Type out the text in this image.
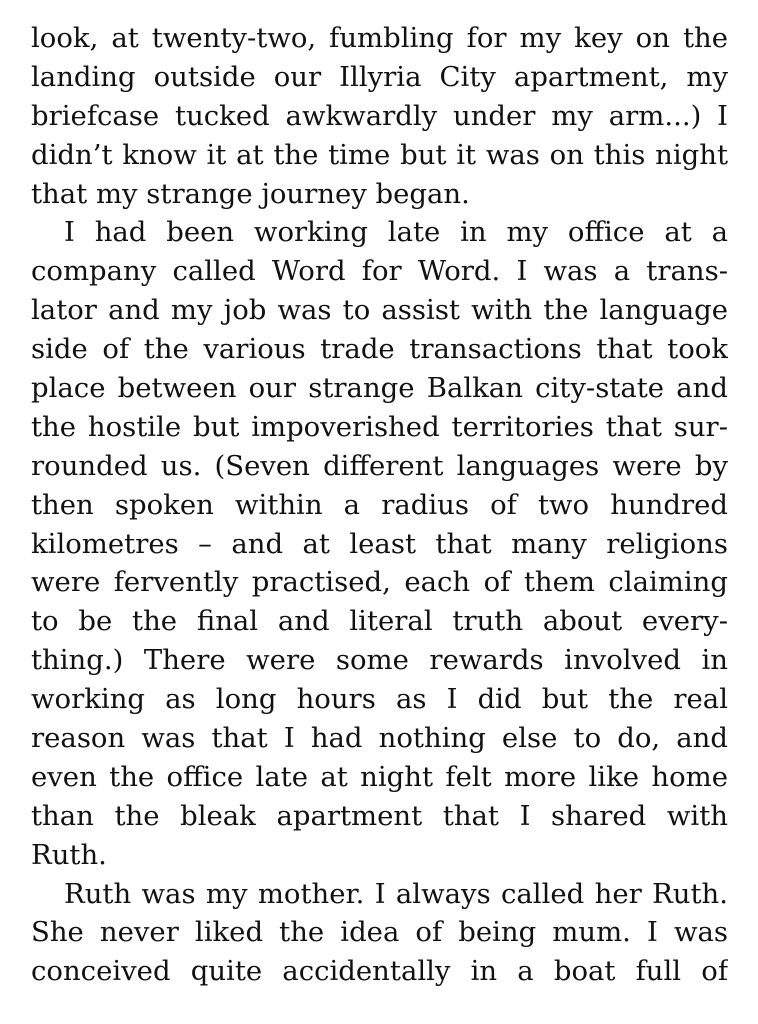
look, at twenty-two, fumbling for my key on the
landing outside our Illyria City apartment, my
briefcase tucked awkwardly under my arm...) I
didn’t know it at the time but it was on this night
that my strange journey began.
I had been working late in my office at a
company called Word for Word. I was a trans-
lator and my job was to assist with the language
side of the various trade transactions that took
place between our strange Balkan city-state and
the hostile but impoverished territories that sur-
rounded us. (Seven different languages were by
then spoken within a radius of two hundred
kilometres – and at least that many religions
were fervently practised, each of them claiming
to be the final and literal truth about every-
thing.) There were some rewards involved in
working as long hours as I did but the real
reason was that I had nothing else to do, and
even the office late at night felt more like home
than the bleak apartment that I shared with
Ruth.
Ruth was my mother. I always called her Ruth.
She never liked the idea of being mum. I was
conceived quite accidentally in a boat full of
